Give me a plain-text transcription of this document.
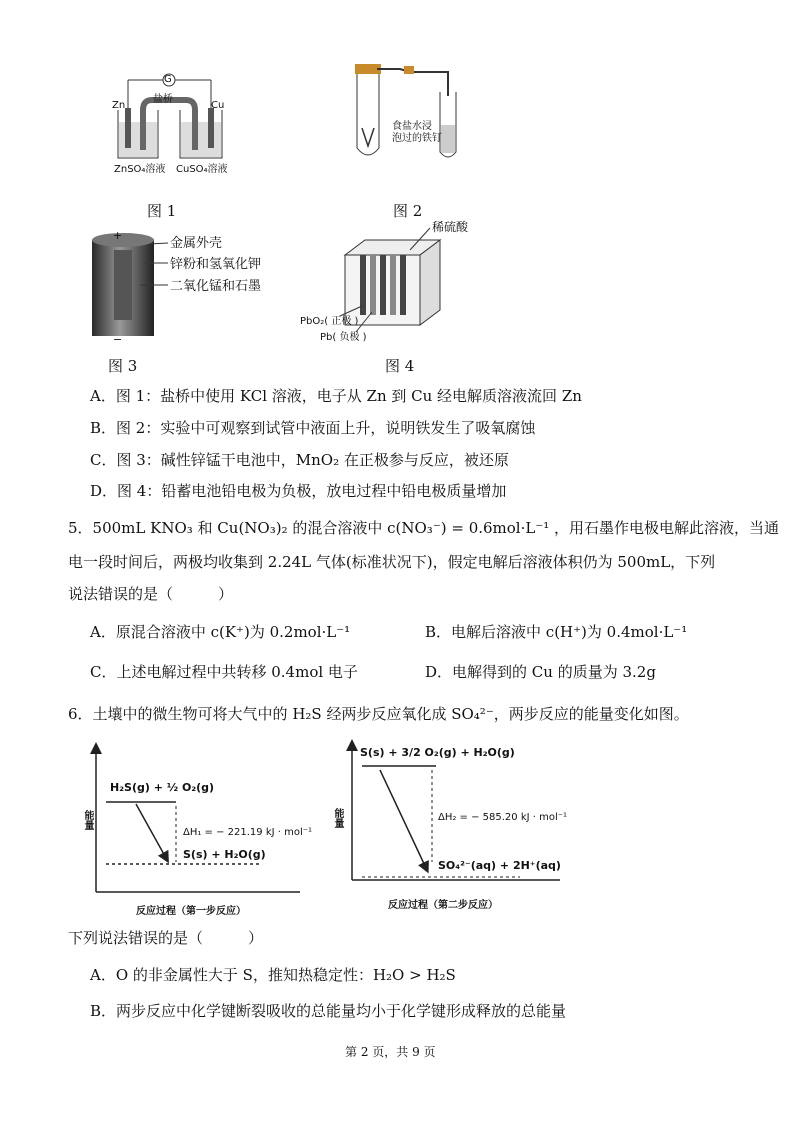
G
盐桥
Zn	Cu
ZnSO₄溶液 CuSO₄溶液
图 1
食盐水浸
泡过的铁钉
图 2
+
−
金属外壳
锌粉和氢氧化钾
二氧化锰和石墨
图 3
稀硫酸
PbO₂( 正极 )
Pb( 负极 )
图 4
A．图 1：盐桥中使用 KCl 溶液，电子从 Zn 到 Cu 经电解质溶液流回 Zn
B．图 2：实验中可观察到试管中液面上升，说明铁发生了吸氧腐蚀
C．图 3：碱性锌锰干电池中，MnO₂ 在正极参与反应，被还原
D．图 4：铅蓄电池铅电极为负极，放电过程中铅电极质量增加
5．500mL KNO₃ 和 Cu(NO₃)₂ 的混合溶液中 c(NO₃⁻) = 0.6mol·L⁻¹ ，用石墨作电极电解此溶液，当通
电一段时间后，两极均收集到 2.24L 气体(标准状况下)，假定电解后溶液体积仍为 500mL，下列
说法错误的是（　　　）
A．原混合溶液中 c(K⁺)为 0.2mol·L⁻¹	B．电解后溶液中 c(H⁺)为 0.4mol·L⁻¹
C．上述电解过程中共转移 0.4mol 电子	D．电解得到的 Cu 的质量为 3.2g
6．土壤中的微生物可将大气中的 H₂S 经两步反应氧化成 SO₄²⁻，两步反应的能量变化如图。
能量
H₂S(g) + ½ O₂(g)
ΔH₁ = − 221.19 kJ · mol⁻¹
S(s) + H₂O(g)
反应过程（第一步反应）
能量
S(s) + 3/2 O₂(g) + H₂O(g)
ΔH₂ = − 585.20 kJ · mol⁻¹
SO₄²⁻(aq) + 2H⁺(aq)
反应过程（第二步反应）
下列说法错误的是（　　　）
A．O 的非金属性大于 S，推知热稳定性：H₂O > H₂S
B．两步反应中化学键断裂吸收的总能量均小于化学键形成释放的总能量
第 2 页，共 9 页
